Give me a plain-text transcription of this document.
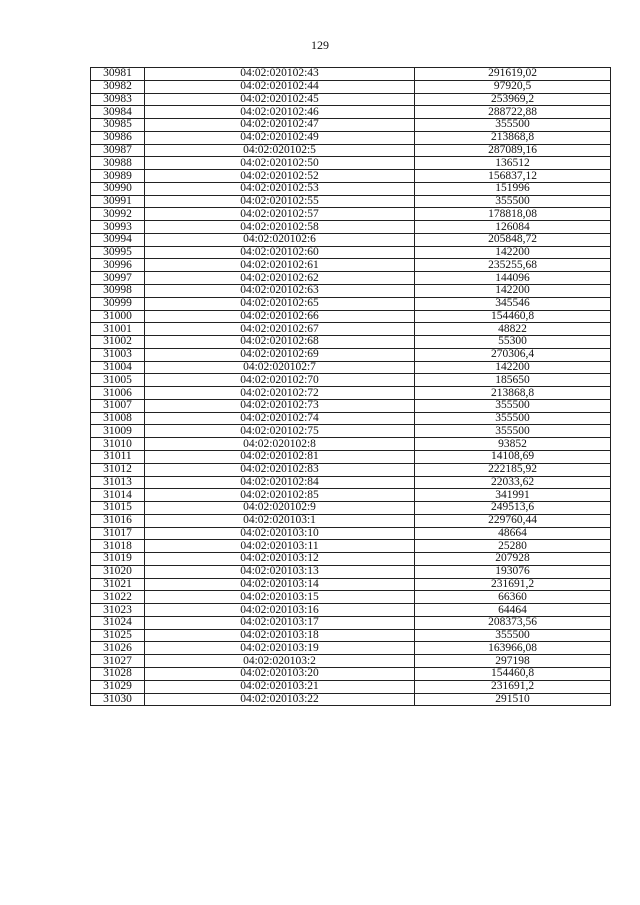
129
30981	04:02:020102:43	291619,02
30982	04:02:020102:44	97920,5
30983	04:02:020102:45	253969,2
30984	04:02:020102:46	288722,88
30985	04:02:020102:47	355500
30986	04:02:020102:49	213868,8
30987	04:02:020102:5	287089,16
30988	04:02:020102:50	136512
30989	04:02:020102:52	156837,12
30990	04:02:020102:53	151996
30991	04:02:020102:55	355500
30992	04:02:020102:57	178818,08
30993	04:02:020102:58	126084
30994	04:02:020102:6	205848,72
30995	04:02:020102:60	142200
30996	04:02:020102:61	235255,68
30997	04:02:020102:62	144096
30998	04:02:020102:63	142200
30999	04:02:020102:65	345546
31000	04:02:020102:66	154460,8
31001	04:02:020102:67	48822
31002	04:02:020102:68	55300
31003	04:02:020102:69	270306,4
31004	04:02:020102:7	142200
31005	04:02:020102:70	185650
31006	04:02:020102:72	213868,8
31007	04:02:020102:73	355500
31008	04:02:020102:74	355500
31009	04:02:020102:75	355500
31010	04:02:020102:8	93852
31011	04:02:020102:81	14108,69
31012	04:02:020102:83	222185,92
31013	04:02:020102:84	22033,62
31014	04:02:020102:85	341991
31015	04:02:020102:9	249513,6
31016	04:02:020103:1	229760,44
31017	04:02:020103:10	48664
31018	04:02:020103:11	25280
31019	04:02:020103:12	207928
31020	04:02:020103:13	193076
31021	04:02:020103:14	231691,2
31022	04:02:020103:15	66360
31023	04:02:020103:16	64464
31024	04:02:020103:17	208373,56
31025	04:02:020103:18	355500
31026	04:02:020103:19	163966,08
31027	04:02:020103:2	297198
31028	04:02:020103:20	154460,8
31029	04:02:020103:21	231691,2
31030	04:02:020103:22	291510
